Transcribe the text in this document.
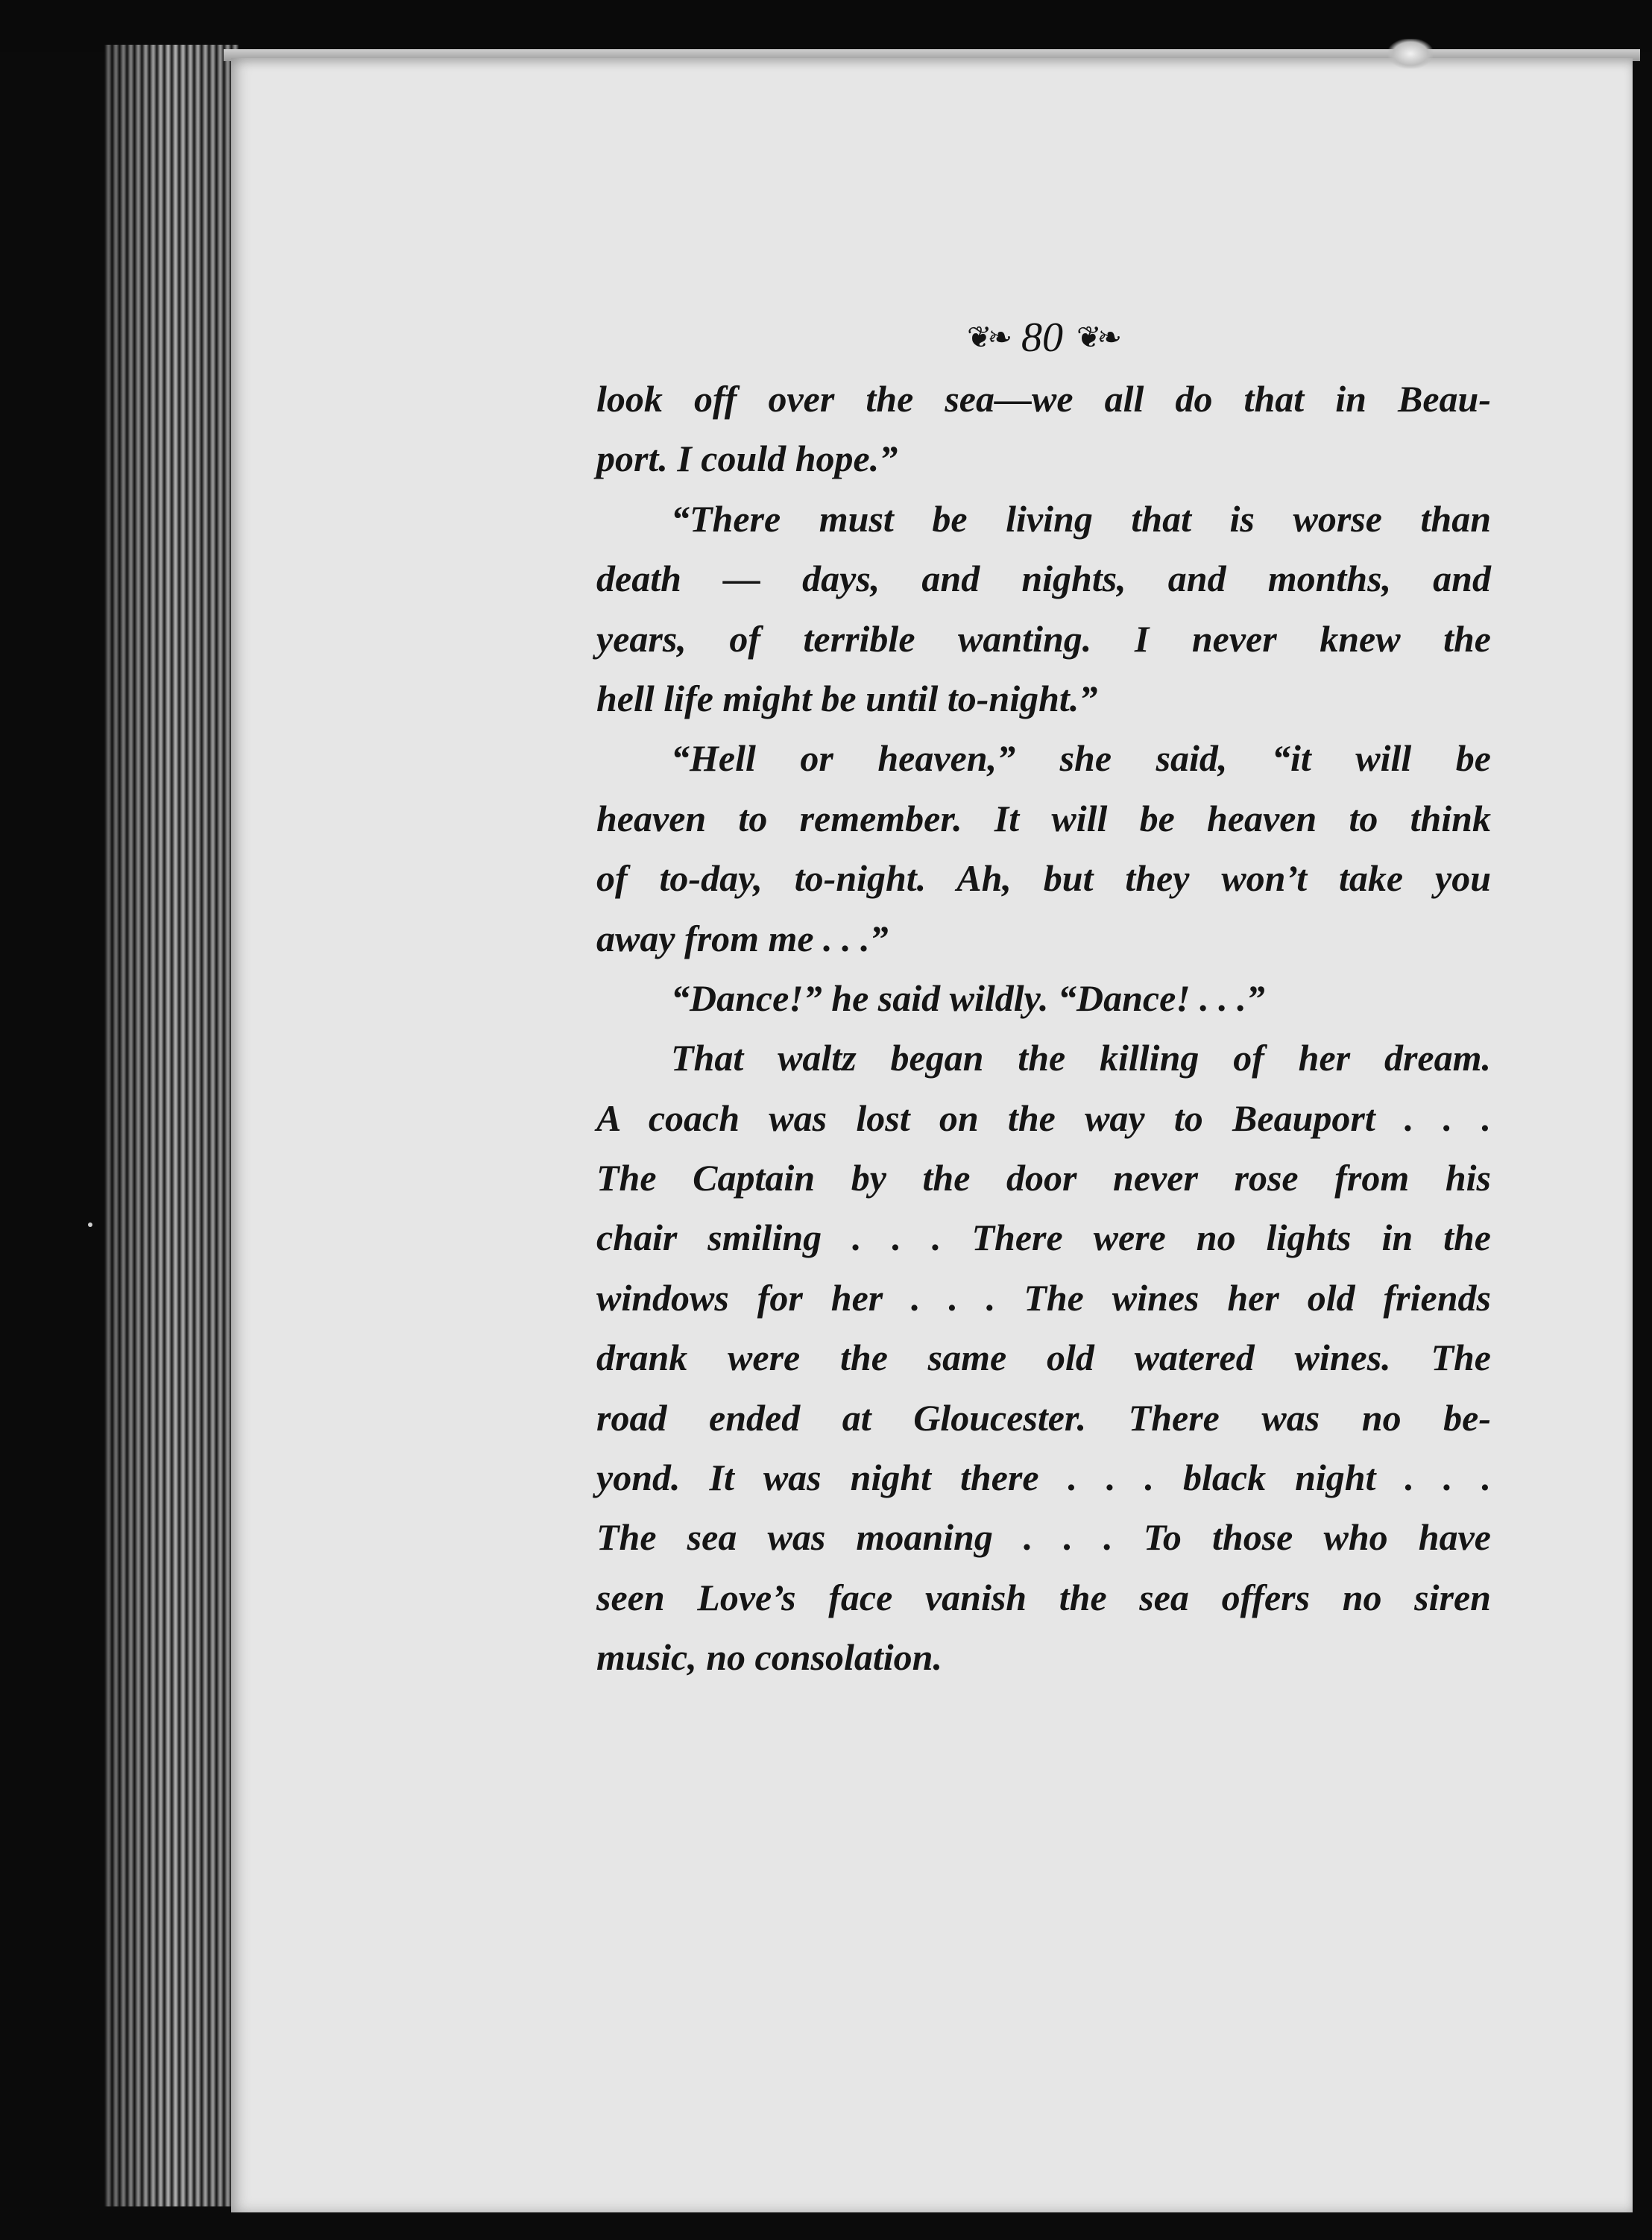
❦❧ 80 ❦❧
look off over the sea—we all do that in Beau-
port. I could hope.”
“There must be living that is worse than
death — days, and nights, and months, and
years, of terrible wanting. I never knew the
hell life might be until to-night.”
“Hell or heaven,” she said, “it will be
heaven to remember. It will be heaven to think
of to-day, to-night. Ah, but they won’t take you
away from me . . .”
“Dance!” he said wildly. “Dance! . . .”
That waltz began the killing of her dream.
A coach was lost on the way to Beauport . . .
The Captain by the door never rose from his
chair smiling . . . There were no lights in the
windows for her . . . The wines her old friends
drank were the same old watered wines. The
road ended at Gloucester. There was no be-
yond. It was night there . . . black night . . .
The sea was moaning . . . To those who have
seen Love’s face vanish the sea offers no siren
music, no consolation.
